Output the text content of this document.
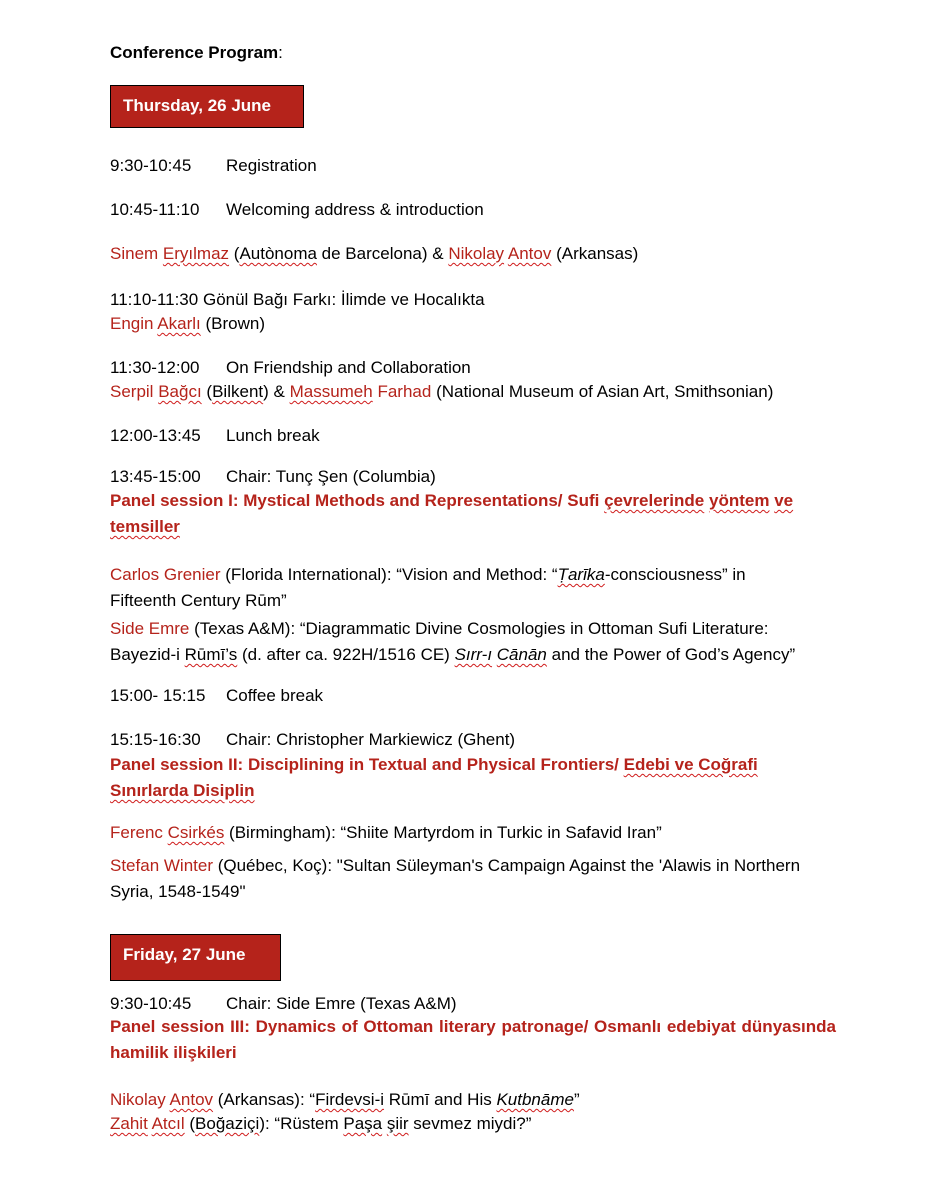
Conference Program:
Thursday, 26 June
9:30-10:45 Registration
10:45-11:10 Welcoming address & introduction
Sinem Eryılmaz (Autònoma de Barcelona) & Nikolay Antov (Arkansas)
11:10-11:30 Gönül Bağı Farkı: İlimde ve Hocalıkta
Engin Akarlı (Brown)
11:30-12:00 On Friendship and Collaboration
Serpil Bağcı (Bilkent) & Massumeh Farhad (National Museum of Asian Art, Smithsonian)
12:00-13:45 Lunch break
13:45-15:00 Chair: Tunç Şen (Columbia)
Panel session I: Mystical Methods and Representations/ Sufi çevrelerinde yöntem ve temsiller
Carlos Grenier (Florida International): “Vision and Method: “Ṭarīka-consciousness” in Fifteenth Century Rūm”
Side Emre (Texas A&M): “Diagrammatic Divine Cosmologies in Ottoman Sufi Literature: Bayezid-i Rūmī’s (d. after ca. 922H/1516 CE) Sırr-ı Cānān and the Power of God’s Agency”
15:00- 15:15 Coffee break
15:15-16:30 Chair: Christopher Markiewicz (Ghent)
Panel session II: Disciplining in Textual and Physical Frontiers/ Edebi ve Coğrafi Sınırlarda Disiplin
Ferenc Csirkés (Birmingham): “Shiite Martyrdom in Turkic in Safavid Iran”
Stefan Winter (Québec, Koç): "Sultan Süleyman's Campaign Against the 'Alawis in Northern Syria, 1548-1549"
Friday, 27 June
9:30-10:45 Chair: Side Emre (Texas A&M)
Panel session III: Dynamics of Ottoman literary patronage/ Osmanlı edebiyat dünyasında hamilik ilişkileri
Nikolay Antov (Arkansas): “Firdevsi-i Rūmī and His Kutbnāme”
Zahit Atcıl (Boğaziçi): “Rüstem Paşa şiir sevmez miydi?”
